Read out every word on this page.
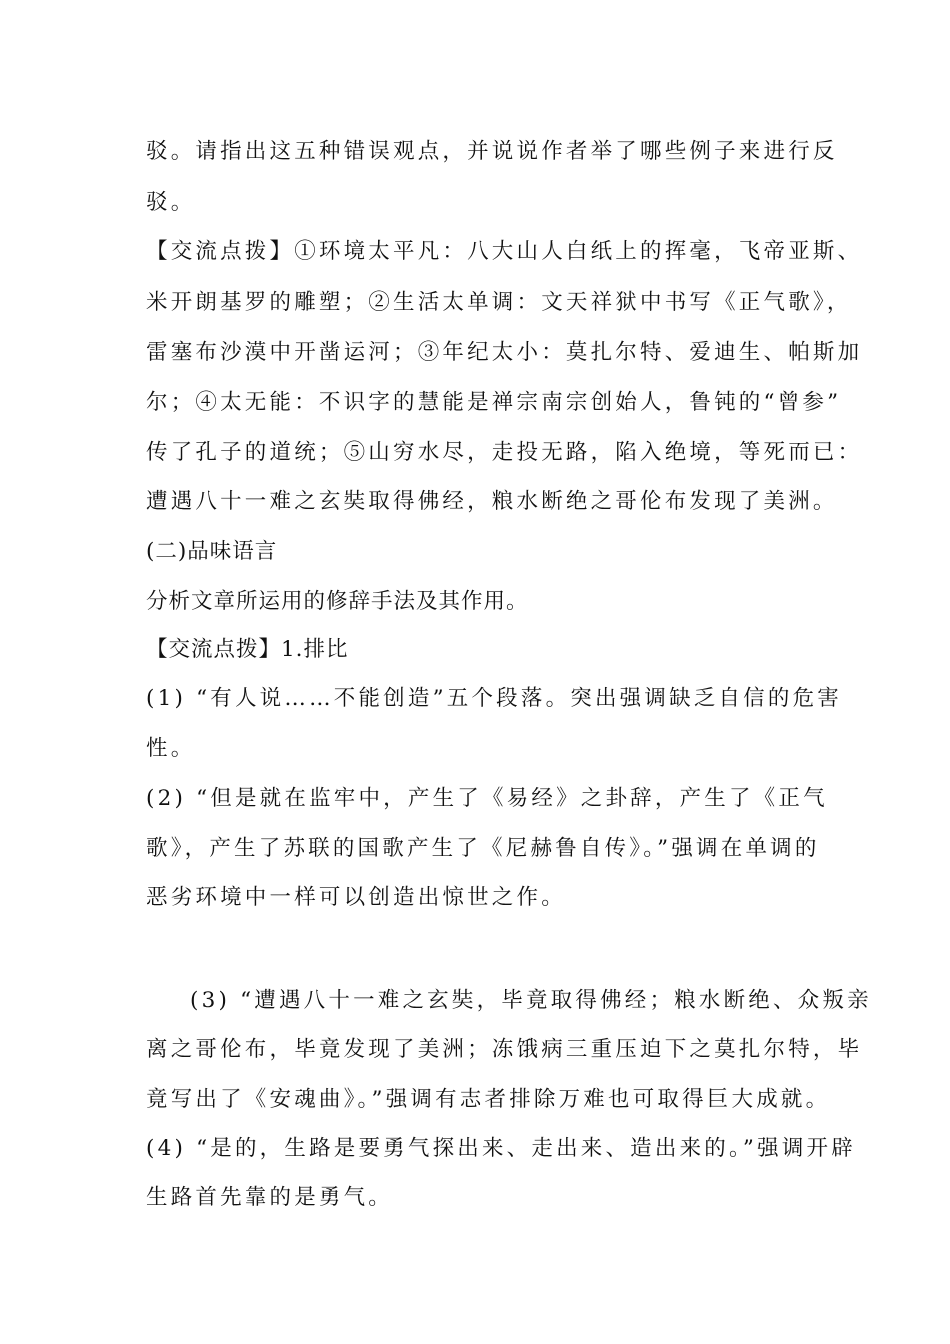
驳。请指出这五种错误观点，并说说作者举了哪些例子来进行反
驳。
【交流点拨】①环境太平凡：八大山人白纸上的挥毫，飞帝亚斯、
米开朗基罗的雕塑；②生活太单调：文天祥狱中书写《正气歌》，
雷塞布沙漠中开凿运河；③年纪太小：莫扎尔特、爱迪生、帕斯加
尔；④太无能：不识字的慧能是禅宗南宗创始人，鲁钝的“曾参”
传了孔子的道统；⑤山穷水尽，走投无路，陷入绝境，等死而已：
遭遇八十一难之玄奘取得佛经，粮水断绝之哥伦布发现了美洲。
(二)品味语言
分析文章所运用的修辞手法及其作用。
【交流点拨】1.排比
(1) “有人说……不能创造”五个段落。突出强调缺乏自信的危害
性。
(2) “但是就在监牢中，产生了《易经》之卦辞，产生了《正气
歌》，产生了苏联的国歌产生了《尼赫鲁自传》。”强调在单调的
恶劣环境中一样可以创造出惊世之作。
(3) “遭遇八十一难之玄奘，毕竟取得佛经；粮水断绝、众叛亲
离之哥伦布，毕竟发现了美洲；冻饿病三重压迫下之莫扎尔特，毕
竟写出了《安魂曲》。”强调有志者排除万难也可取得巨大成就。
(4) “是的，生路是要勇气探出来、走出来、造出来的。”强调开辟
生路首先靠的是勇气。
